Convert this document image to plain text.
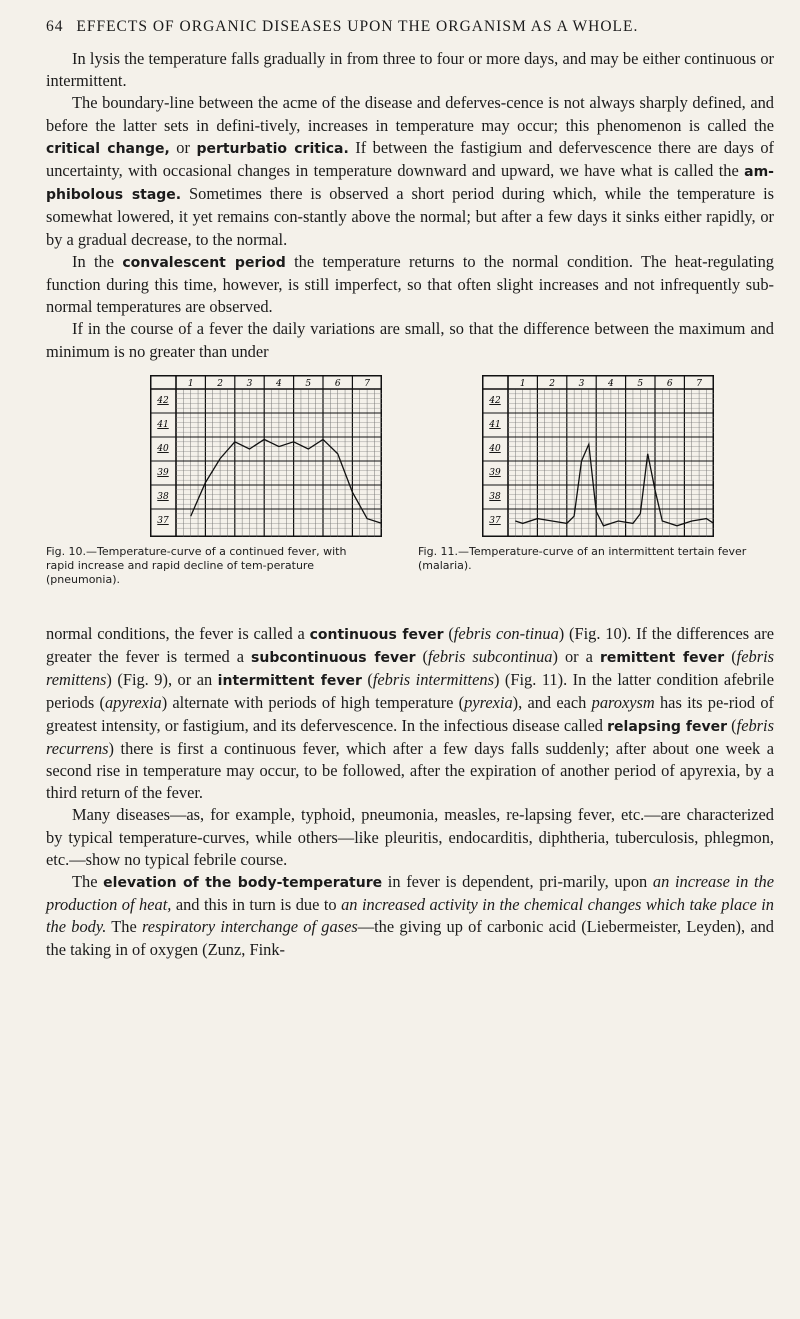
64 EFFECTS OF ORGANIC DISEASES UPON THE ORGANISM AS A WHOLE.

In lysis the temperature falls gradually in from three to four or more days, and may be either continuous or intermittent.

The boundary-line between the acme of the disease and deferves-cence is not always sharply defined, and before the latter sets in defini-tively, increases in temperature may occur; this phenomenon is called the critical change, or perturbatio critica. If between the fastigium and defervescence there are days of uncertainty, with occasional changes in temperature downward and upward, we have what is called the am-phibolous stage. Sometimes there is observed a short period during which, while the temperature is somewhat lowered, it yet remains con-stantly above the normal; but after a few days it sinks either rapidly, or by a gradual decrease, to the normal.

In the convalescent period the temperature returns to the normal condition. The heat-regulating function during this time, however, is still imperfect, so that often slight increases and not infrequently sub-normal temperatures are observed.

If in the course of a fever the daily variations are small, so that the difference between the maximum and minimum is no greater than under

1	2	3	4	5	6	7
42
41
40
39
38
37
1	2	3	4	5	6	7
42
41
40
39
38
37
Fig. 10.—Temperature-curve of a continued fever, with rapid increase and rapid decline of tem-perature (pneumonia).
Fig. 11.—Temperature-curve of an intermittent tertain fever (malaria).

normal conditions, the fever is called a continuous fever (febris con-tinua) (Fig. 10). If the differences are greater the fever is termed a subcontinuous fever (febris subcontinua) or a remittent fever (febris remittens) (Fig. 9), or an intermittent fever (febris intermittens) (Fig. 11). In the latter condition afebrile periods (apyrexia) alternate with periods of high temperature (pyrexia), and each paroxysm has its pe-riod of greatest intensity, or fastigium, and its defervescence. In the infectious disease called relapsing fever (febris recurrens) there is first a continuous fever, which after a few days falls suddenly; after about one week a second rise in temperature may occur, to be followed, after the expiration of another period of apyrexia, by a third return of the fever.

Many diseases—as, for example, typhoid, pneumonia, measles, re-lapsing fever, etc.—are characterized by typical temperature-curves, while others—like pleuritis, endocarditis, diphtheria, tuberculosis, phlegmon, etc.—show no typical febrile course.

The elevation of the body-temperature in fever is dependent, pri-marily, upon an increase in the production of heat, and this in turn is due to an increased activity in the chemical changes which take place in the body. The respiratory interchange of gases—the giving up of carbonic acid (Liebermeister, Leyden), and the taking in of oxygen (Zunz, Fink-
